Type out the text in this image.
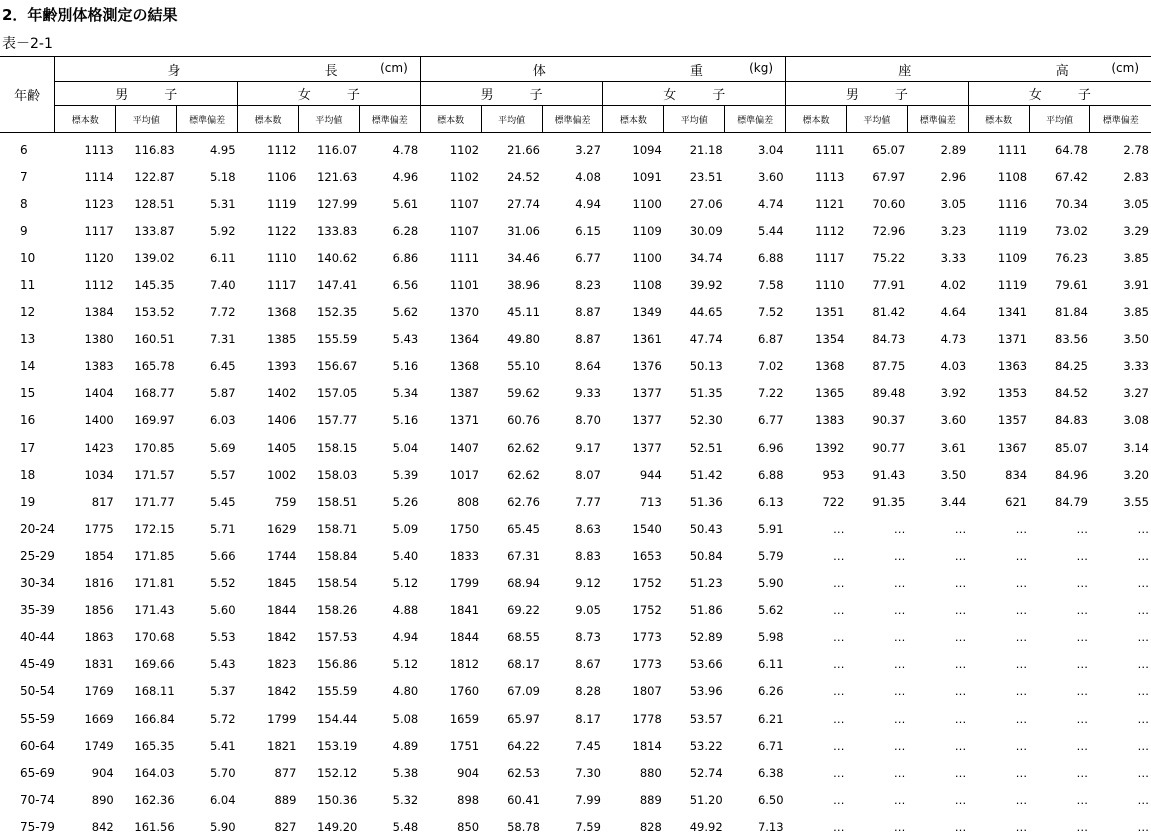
2．年齢別体格測定の結果
表－2-1
年齢	身 長 (cm)						体 重 (kg)						座 高 (cm)					

	男 子			女 子			男 子			女 子			男 子			女 子		

	標本数	平均値	標準偏差	標本数	平均値	標準偏差	標本数	平均値	標準偏差	標本数	平均値	標準偏差	標本数	平均値	標準偏差	標本数	平均値	標準偏差
6	1113	116.83	4.95	1112	116.07	4.78	1102	21.66	3.27	1094	21.18	3.04	1111	65.07	2.89	1111	64.78	2.78
7	1114	122.87	5.18	1106	121.63	4.96	1102	24.52	4.08	1091	23.51	3.60	1113	67.97	2.96	1108	67.42	2.83
8	1123	128.51	5.31	1119	127.99	5.61	1107	27.74	4.94	1100	27.06	4.74	1121	70.60	3.05	1116	70.34	3.05
9	1117	133.87	5.92	1122	133.83	6.28	1107	31.06	6.15	1109	30.09	5.44	1112	72.96	3.23	1119	73.02	3.29
10	1120	139.02	6.11	1110	140.62	6.86	1111	34.46	6.77	1100	34.74	6.88	1117	75.22	3.33	1109	76.23	3.85
11	1112	145.35	7.40	1117	147.41	6.56	1101	38.96	8.23	1108	39.92	7.58	1110	77.91	4.02	1119	79.61	3.91
12	1384	153.52	7.72	1368	152.35	5.62	1370	45.11	8.87	1349	44.65	7.52	1351	81.42	4.64	1341	81.84	3.85
13	1380	160.51	7.31	1385	155.59	5.43	1364	49.80	8.87	1361	47.74	6.87	1354	84.73	4.73	1371	83.56	3.50
14	1383	165.78	6.45	1393	156.67	5.16	1368	55.10	8.64	1376	50.13	7.02	1368	87.75	4.03	1363	84.25	3.33
15	1404	168.77	5.87	1402	157.05	5.34	1387	59.62	9.33	1377	51.35	7.22	1365	89.48	3.92	1353	84.52	3.27
16	1400	169.97	6.03	1406	157.77	5.16	1371	60.76	8.70	1377	52.30	6.77	1383	90.37	3.60	1357	84.83	3.08
17	1423	170.85	5.69	1405	158.15	5.04	1407	62.62	9.17	1377	52.51	6.96	1392	90.77	3.61	1367	85.07	3.14
18	1034	171.57	5.57	1002	158.03	5.39	1017	62.62	8.07	944	51.42	6.88	953	91.43	3.50	834	84.96	3.20
19	817	171.77	5.45	759	158.51	5.26	808	62.76	7.77	713	51.36	6.13	722	91.35	3.44	621	84.79	3.55
20-24	1775	172.15	5.71	1629	158.71	5.09	1750	65.45	8.63	1540	50.43	5.91	…	…	…	…	…	…
25-29	1854	171.85	5.66	1744	158.84	5.40	1833	67.31	8.83	1653	50.84	5.79	…	…	…	…	…	…
30-34	1816	171.81	5.52	1845	158.54	5.12	1799	68.94	9.12	1752	51.23	5.90	…	…	…	…	…	…
35-39	1856	171.43	5.60	1844	158.26	4.88	1841	69.22	9.05	1752	51.86	5.62	…	…	…	…	…	…
40-44	1863	170.68	5.53	1842	157.53	4.94	1844	68.55	8.73	1773	52.89	5.98	…	…	…	…	…	…
45-49	1831	169.66	5.43	1823	156.86	5.12	1812	68.17	8.67	1773	53.66	6.11	…	…	…	…	…	…
50-54	1769	168.11	5.37	1842	155.59	4.80	1760	67.09	8.28	1807	53.96	6.26	…	…	…	…	…	…
55-59	1669	166.84	5.72	1799	154.44	5.08	1659	65.97	8.17	1778	53.57	6.21	…	…	…	…	…	…
60-64	1749	165.35	5.41	1821	153.19	4.89	1751	64.22	7.45	1814	53.22	6.71	…	…	…	…	…	…
65-69	904	164.03	5.70	877	152.12	5.38	904	62.53	7.30	880	52.74	6.38	…	…	…	…	…	…
70-74	890	162.36	6.04	889	150.36	5.32	898	60.41	7.99	889	51.20	6.50	…	…	…	…	…	…
75-79	842	161.56	5.90	827	149.20	5.48	850	58.78	7.59	828	49.92	7.13	…	…	…	…	…	…
